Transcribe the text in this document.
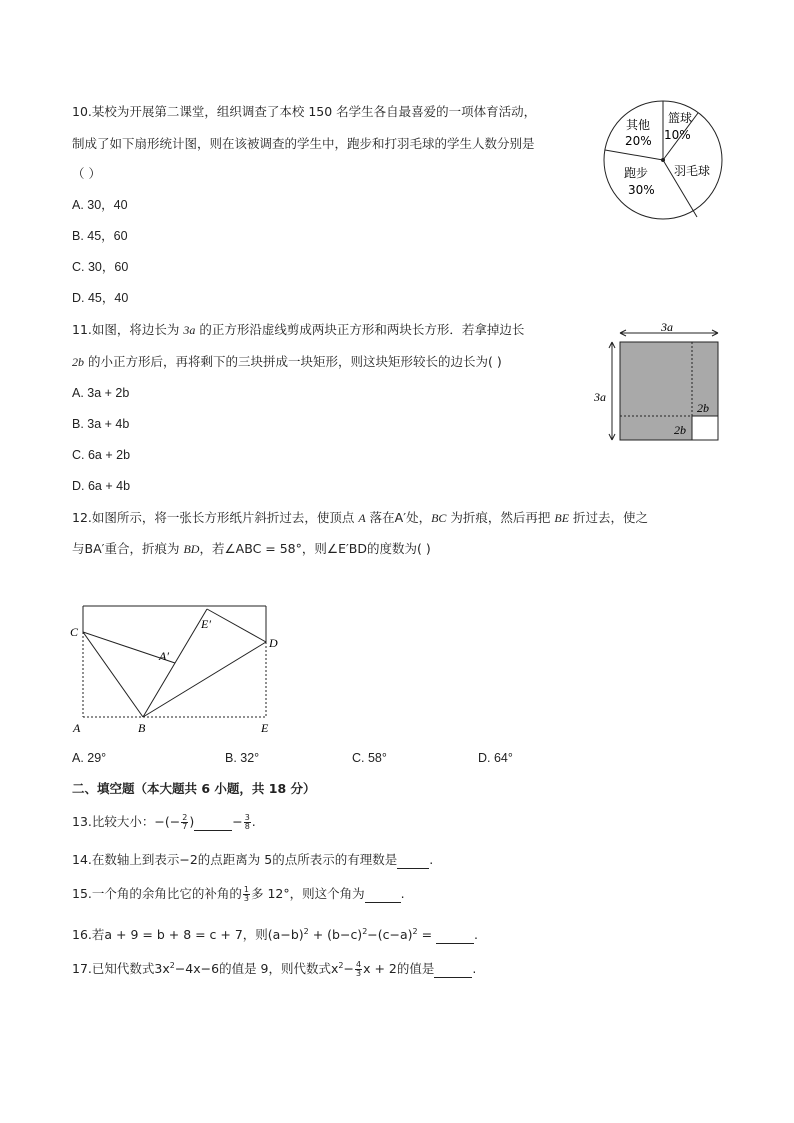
10.某校为开展第二课堂，组织调查了本校 150 名学生各自最喜爱的一项体育活动，
制成了如下扇形统计图，则在该被调查的学生中，跑步和打羽毛球的学生人数分别是
（ ）
A. 30，40
B. 45，60
C. 30，60
D. 45，40
其他
20%
篮球
10%
跑步
30%
羽毛球
11.如图，将边长为 3a 的正方形沿虚线剪成两块正方形和两块长方形．若拿掉边长
2b 的小正方形后，再将剩下的三块拼成一块矩形，则这块矩形较长的边长为( )
A. 3a + 2b
B. 3a + 4b
C. 6a + 2b
D. 6a + 4b
3a
3a
2b
2b
12.如图所示，将一张长方形纸片斜折过去，使顶点 A 落在A′处，BC 为折痕，然后再把 BE 折过去，使之
与BA′重合，折痕为 BD，若∠ABC = 58°，则∠E′BD的度数为( )
C
D
A	B	E
A′
E′
A. 29°	B. 32°	C. 58°	D. 64°
二、填空题（本大题共 6 小题，共 18 分）
13.比较大小：−(− $\frac{2}{7}$ )	− $\frac{3}{8}$ .
14.在数轴上到表示−2的点距离为 5的点所表示的有理数是	.
15.一个角的余角比它的补角的 $\frac{1}{3}$ 多 12°，则这个角为	.
16.若a + 9 = b + 8 = c + 7，则$(a-b)^2 + (b-c)^2-(c-a)^2$ =	.
17.已知代数式$3x^2-4x-6$的值是 9，则代数式$x^2- \frac{4}{3}$ x + 2的值是	.
